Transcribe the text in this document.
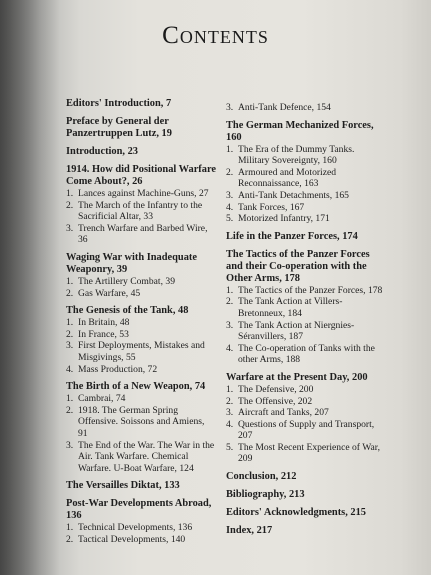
Contents
Editors' Introduction, 7
Preface by General der Panzertruppen Lutz, 19
Introduction, 23
1914. How did Positional Warfare Come About?, 26
1. Lances against Machine-Guns, 27
2. The March of the Infantry to the Sacrificial Altar, 33
3. Trench Warfare and Barbed Wire, 36
Waging War with Inadequate Weaponry, 39
1. The Artillery Combat, 39
2. Gas Warfare, 45
The Genesis of the Tank, 48
1. In Britain, 48
2. In France, 53
3. First Deployments, Mistakes and Misgivings, 55
4. Mass Production, 72
The Birth of a New Weapon, 74
1. Cambrai, 74
2. 1918. The German Spring Offensive. Soissons and Amiens, 91
3. The End of the War. The War in the Air. Tank Warfare. Chemical Warfare. U-Boat Warfare, 124
The Versailles Diktat, 133
Post-War Developments Abroad, 136
1. Technical Developments, 136
2. Tactical Developments, 140
3. Anti-Tank Defence, 154
The German Mechanized Forces, 160
1. The Era of the Dummy Tanks. Military Sovereignty, 160
2. Armoured and Motorized Reconnaissance, 163
3. Anti-Tank Detachments, 165
4. Tank Forces, 167
5. Motorized Infantry, 171
Life in the Panzer Forces, 174
The Tactics of the Panzer Forces and their Co-operation with the Other Arms, 178
1. The Tactics of the Panzer Forces, 178
2. The Tank Action at Villers-Bretonneux, 184
3. The Tank Action at Niergnies-Séranvillers, 187
4. The Co-operation of Tanks with the other Arms, 188
Warfare at the Present Day, 200
1. The Defensive, 200
2. The Offensive, 202
3. Aircraft and Tanks, 207
4. Questions of Supply and Transport, 207
5. The Most Recent Experience of War, 209
Conclusion, 212
Bibliography, 213
Editors' Acknowledgments, 215
Index, 217
